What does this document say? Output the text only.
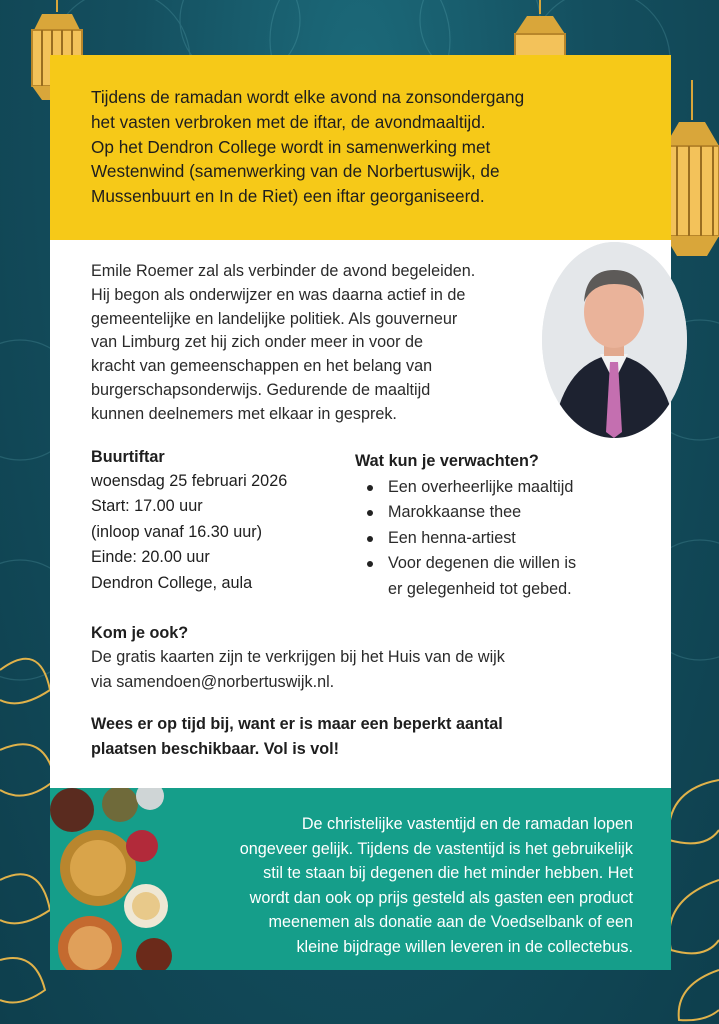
Tijdens de ramadan wordt elke avond na zonsondergang
het vasten verbroken met de iftar, de avondmaaltijd.
Op het Dendron College wordt in samenwerking met
Westenwind (samenwerking van de Norbertuswijk, de
Mussenbuurt en In de Riet) een iftar georganiseerd.
Emile Roemer zal als verbinder de avond begeleiden.
Hij begon als onderwijzer en was daarna actief in de
gemeentelijke en landelijke politiek. Als gouverneur
van Limburg zet hij zich onder meer in voor de
kracht van gemeenschappen en het belang van
burgerschapsonderwijs. Gedurende de maaltijd
kunnen deelnemers met elkaar in gesprek.
Buurtiftar
woensdag 25 februari 2026
Start: 17.00 uur
(inloop vanaf 16.30 uur)
Einde: 20.00 uur
Dendron College, aula
Wat kun je verwachten?
Een overheerlijke maaltijd
Marokkaanse thee
Een henna-artiest
Voor degenen die willen is
er gelegenheid tot gebed.
Kom je ook?
De gratis kaarten zijn te verkrijgen bij het Huis van de wijk
via samendoen@norbertuswijk.nl.
Wees er op tijd bij, want er is maar een beperkt aantal
plaatsen beschikbaar. Vol is vol!
De christelijke vastentijd en de ramadan lopen
ongeveer gelijk. Tijdens de vastentijd is het gebruikelijk
stil te staan bij degenen die het minder hebben. Het
wordt dan ook op prijs gesteld als gasten een product
meenemen als donatie aan de Voedselbank of een
kleine bijdrage willen leveren in de collectebus.
